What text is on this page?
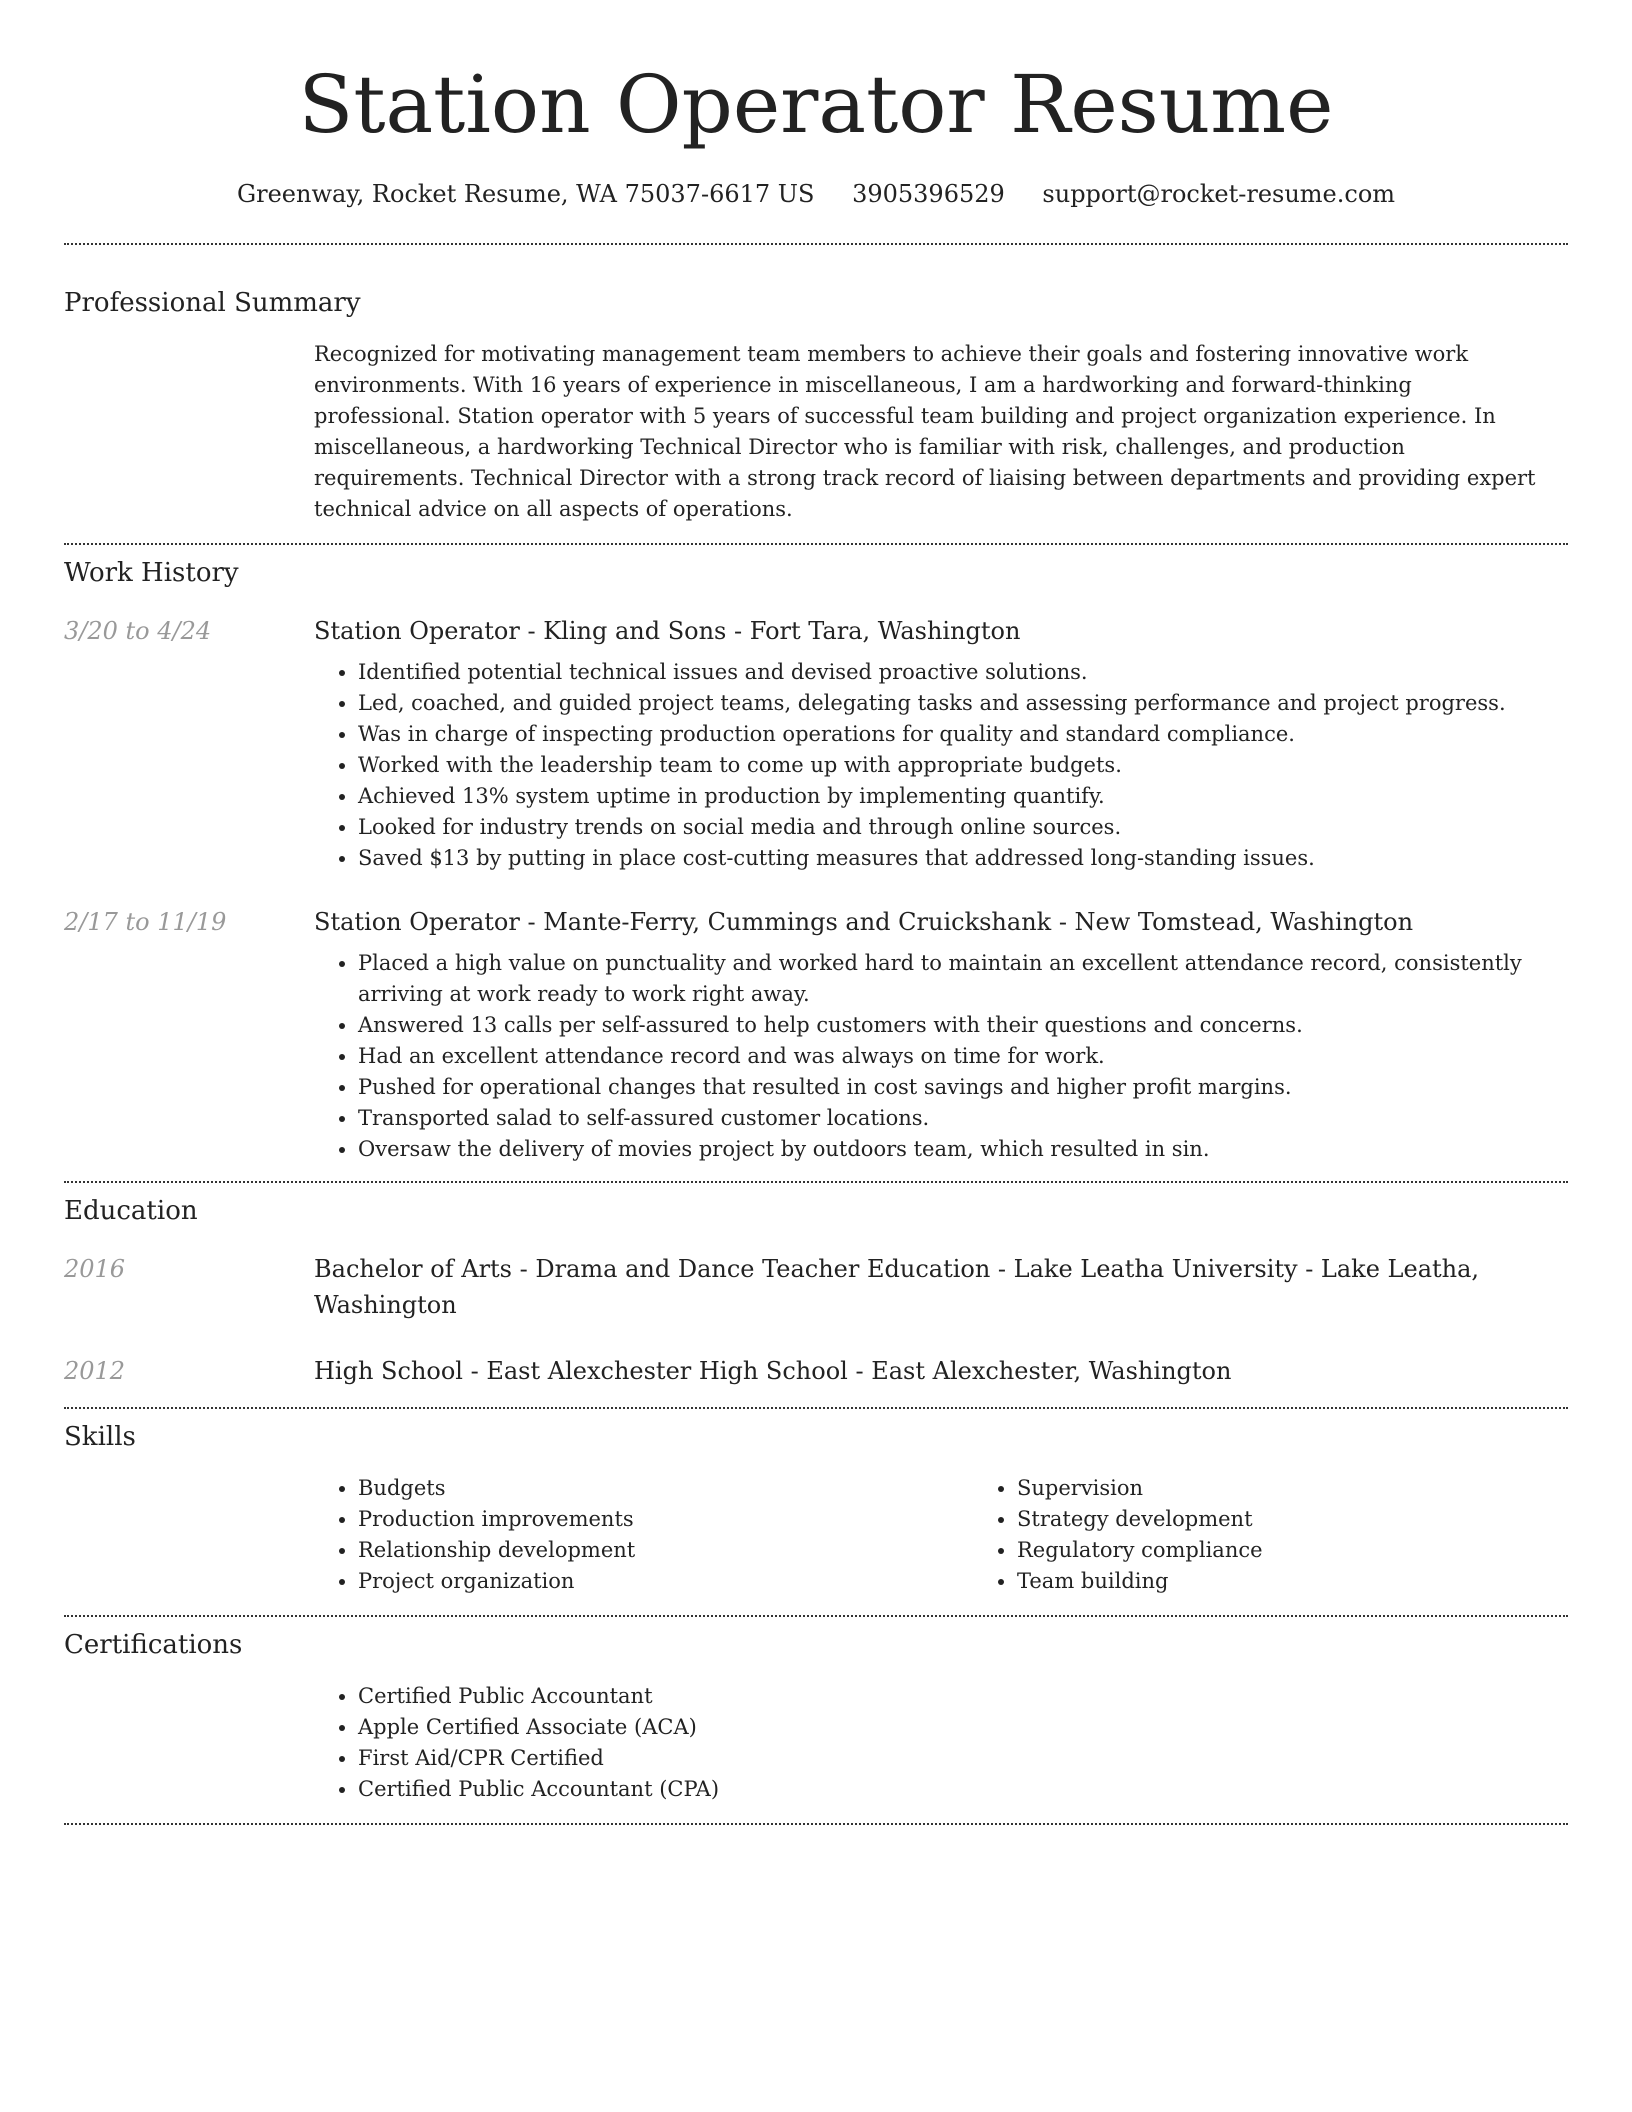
Station Operator Resume
Greenway, Rocket Resume, WA 75037-6617 US 3905396529 support@rocket-resume.com
Professional Summary
Recognized for motivating management team members to achieve their goals and fostering innovative work environments. With 16 years of experience in miscellaneous, I am a hardworking and forward-thinking professional. Station operator with 5 years of successful team building and project organization experience. In miscellaneous, a hardworking Technical Director who is familiar with risk, challenges, and production requirements. Technical Director with a strong track record of liaising between departments and providing expert technical advice on all aspects of operations.
Work History
3/20 to 4/24	Station Operator - Kling and Sons - Fort Tara, Washington
• Identified potential technical issues and devised proactive solutions.
• Led, coached, and guided project teams, delegating tasks and assessing performance and project progress.
• Was in charge of inspecting production operations for quality and standard compliance.
• Worked with the leadership team to come up with appropriate budgets.
• Achieved 13% system uptime in production by implementing quantify.
• Looked for industry trends on social media and through online sources.
• Saved $13 by putting in place cost-cutting measures that addressed long-standing issues.
2/17 to 11/19	Station Operator - Mante-Ferry, Cummings and Cruickshank - New Tomstead, Washington
• Placed a high value on punctuality and worked hard to maintain an excellent attendance record, consistently arriving at work ready to work right away.
• Answered 13 calls per self-assured to help customers with their questions and concerns.
• Had an excellent attendance record and was always on time for work.
• Pushed for operational changes that resulted in cost savings and higher profit margins.
• Transported salad to self-assured customer locations.
• Oversaw the delivery of movies project by outdoors team, which resulted in sin.
Education
2016	Bachelor of Arts - Drama and Dance Teacher Education - Lake Leatha University - Lake Leatha, Washington
2012	High School - East Alexchester High School - East Alexchester, Washington
Skills
• Budgets
• Production improvements
• Relationship development
• Project organization
• Supervision
• Strategy development
• Regulatory compliance
• Team building
Certifications
• Certified Public Accountant
• Apple Certified Associate (ACA)
• First Aid/CPR Certified
• Certified Public Accountant (CPA)
